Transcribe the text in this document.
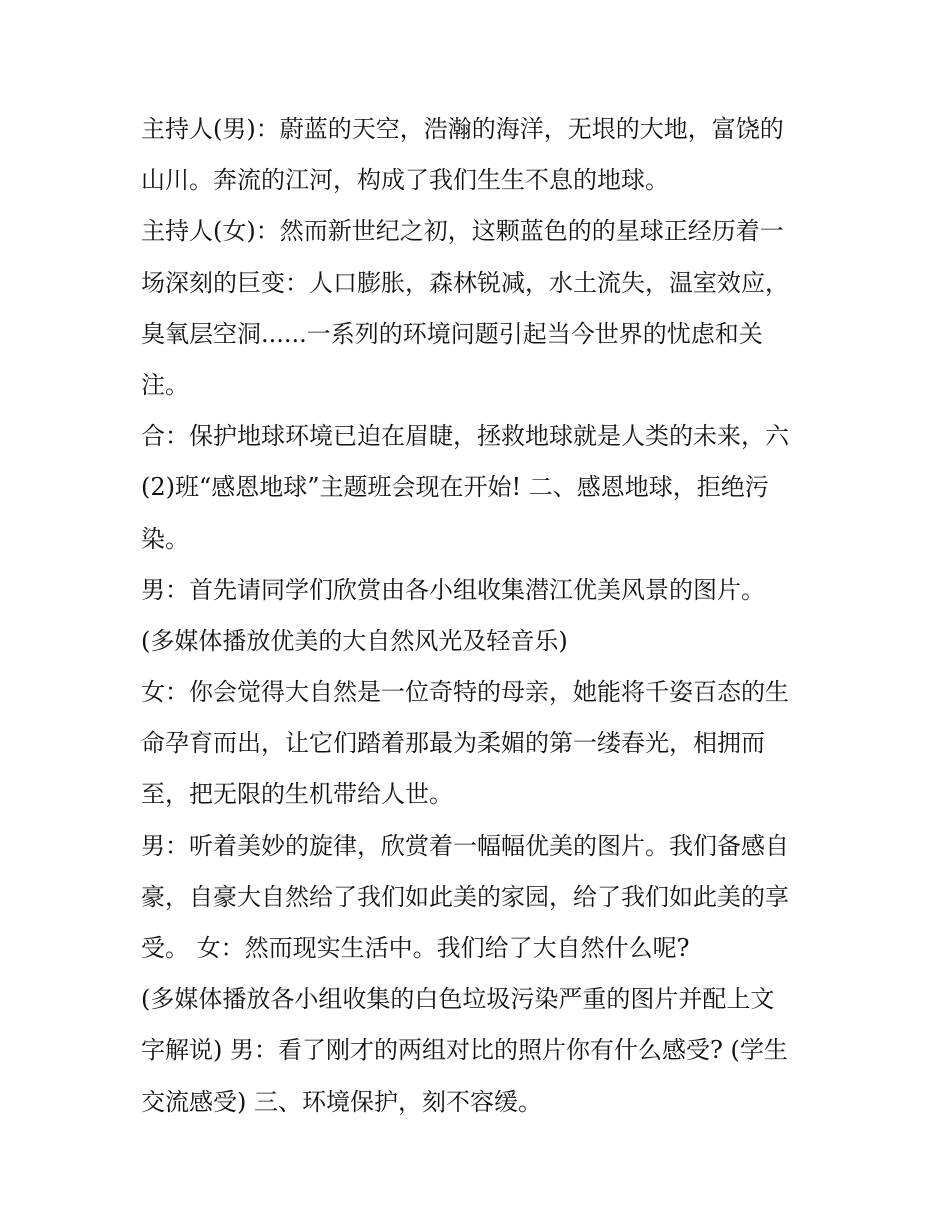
主持人(男)：蔚蓝的天空，浩瀚的海洋，无垠的大地，富饶的
山川。奔流的江河，构成了我们生生不息的地球。
主持人(女)：然而新世纪之初，这颗蓝色的的星球正经历着一
场深刻的巨变：人口膨胀，森林锐减，水土流失，温室效应，
臭氧层空洞......一系列的环境问题引起当今世界的忧虑和关
注。
合：保护地球环境已迫在眉睫，拯救地球就是人类的未来，六
(2)班“感恩地球”主题班会现在开始! 二、感恩地球，拒绝污
染。
男：首先请同学们欣赏由各小组收集潜江优美风景的图片。
(多媒体播放优美的大自然风光及轻音乐)
女：你会觉得大自然是一位奇特的母亲，她能将千姿百态的生
命孕育而出，让它们踏着那最为柔媚的第一缕春光，相拥而
至，把无限的生机带给人世。
男：听着美妙的旋律，欣赏着一幅幅优美的图片。我们备感自
豪，自豪大自然给了我们如此美的家园，给了我们如此美的享
受。 女：然而现实生活中。我们给了大自然什么呢?
(多媒体播放各小组收集的白色垃圾污染严重的图片并配上文
字解说) 男：看了刚才的两组对比的照片你有什么感受? (学生
交流感受) 三、环境保护，刻不容缓。
